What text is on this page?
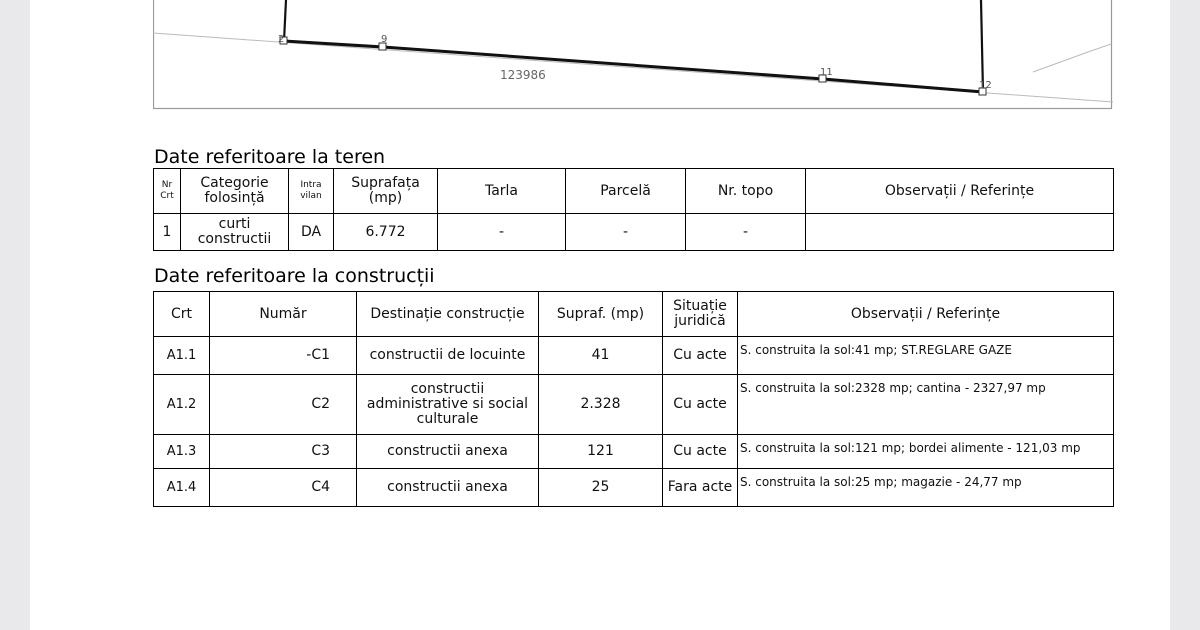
2	9
11
12
123986
Date referitoare la teren
Nr Crt	Categorie folosință	Intra vilan	Suprafața (mp)	Tarla	Parcelă	Nr. topo	Observații / Referințe
1	curti constructii	DA	6.772	-	-	-	
Date referitoare la construcții
Crt	Număr	Destinație construcție	Supraf. (mp)	Situație juridică	Observații / Referințe
A1.1	-C1	constructii de locuinte	41	Cu acte	S. construita la sol:41 mp; ST.REGLARE GAZE
A1.2	C2	constructii administrative si social culturale	2.328	Cu acte	S. construita la sol:2328 mp; cantina - 2327,97 mp
A1.3	C3	constructii anexa	121	Cu acte	S. construita la sol:121 mp; bordei alimente - 121,03 mp
A1.4	C4	constructii anexa	25	Fara acte	S. construita la sol:25 mp; magazie - 24,77 mp
